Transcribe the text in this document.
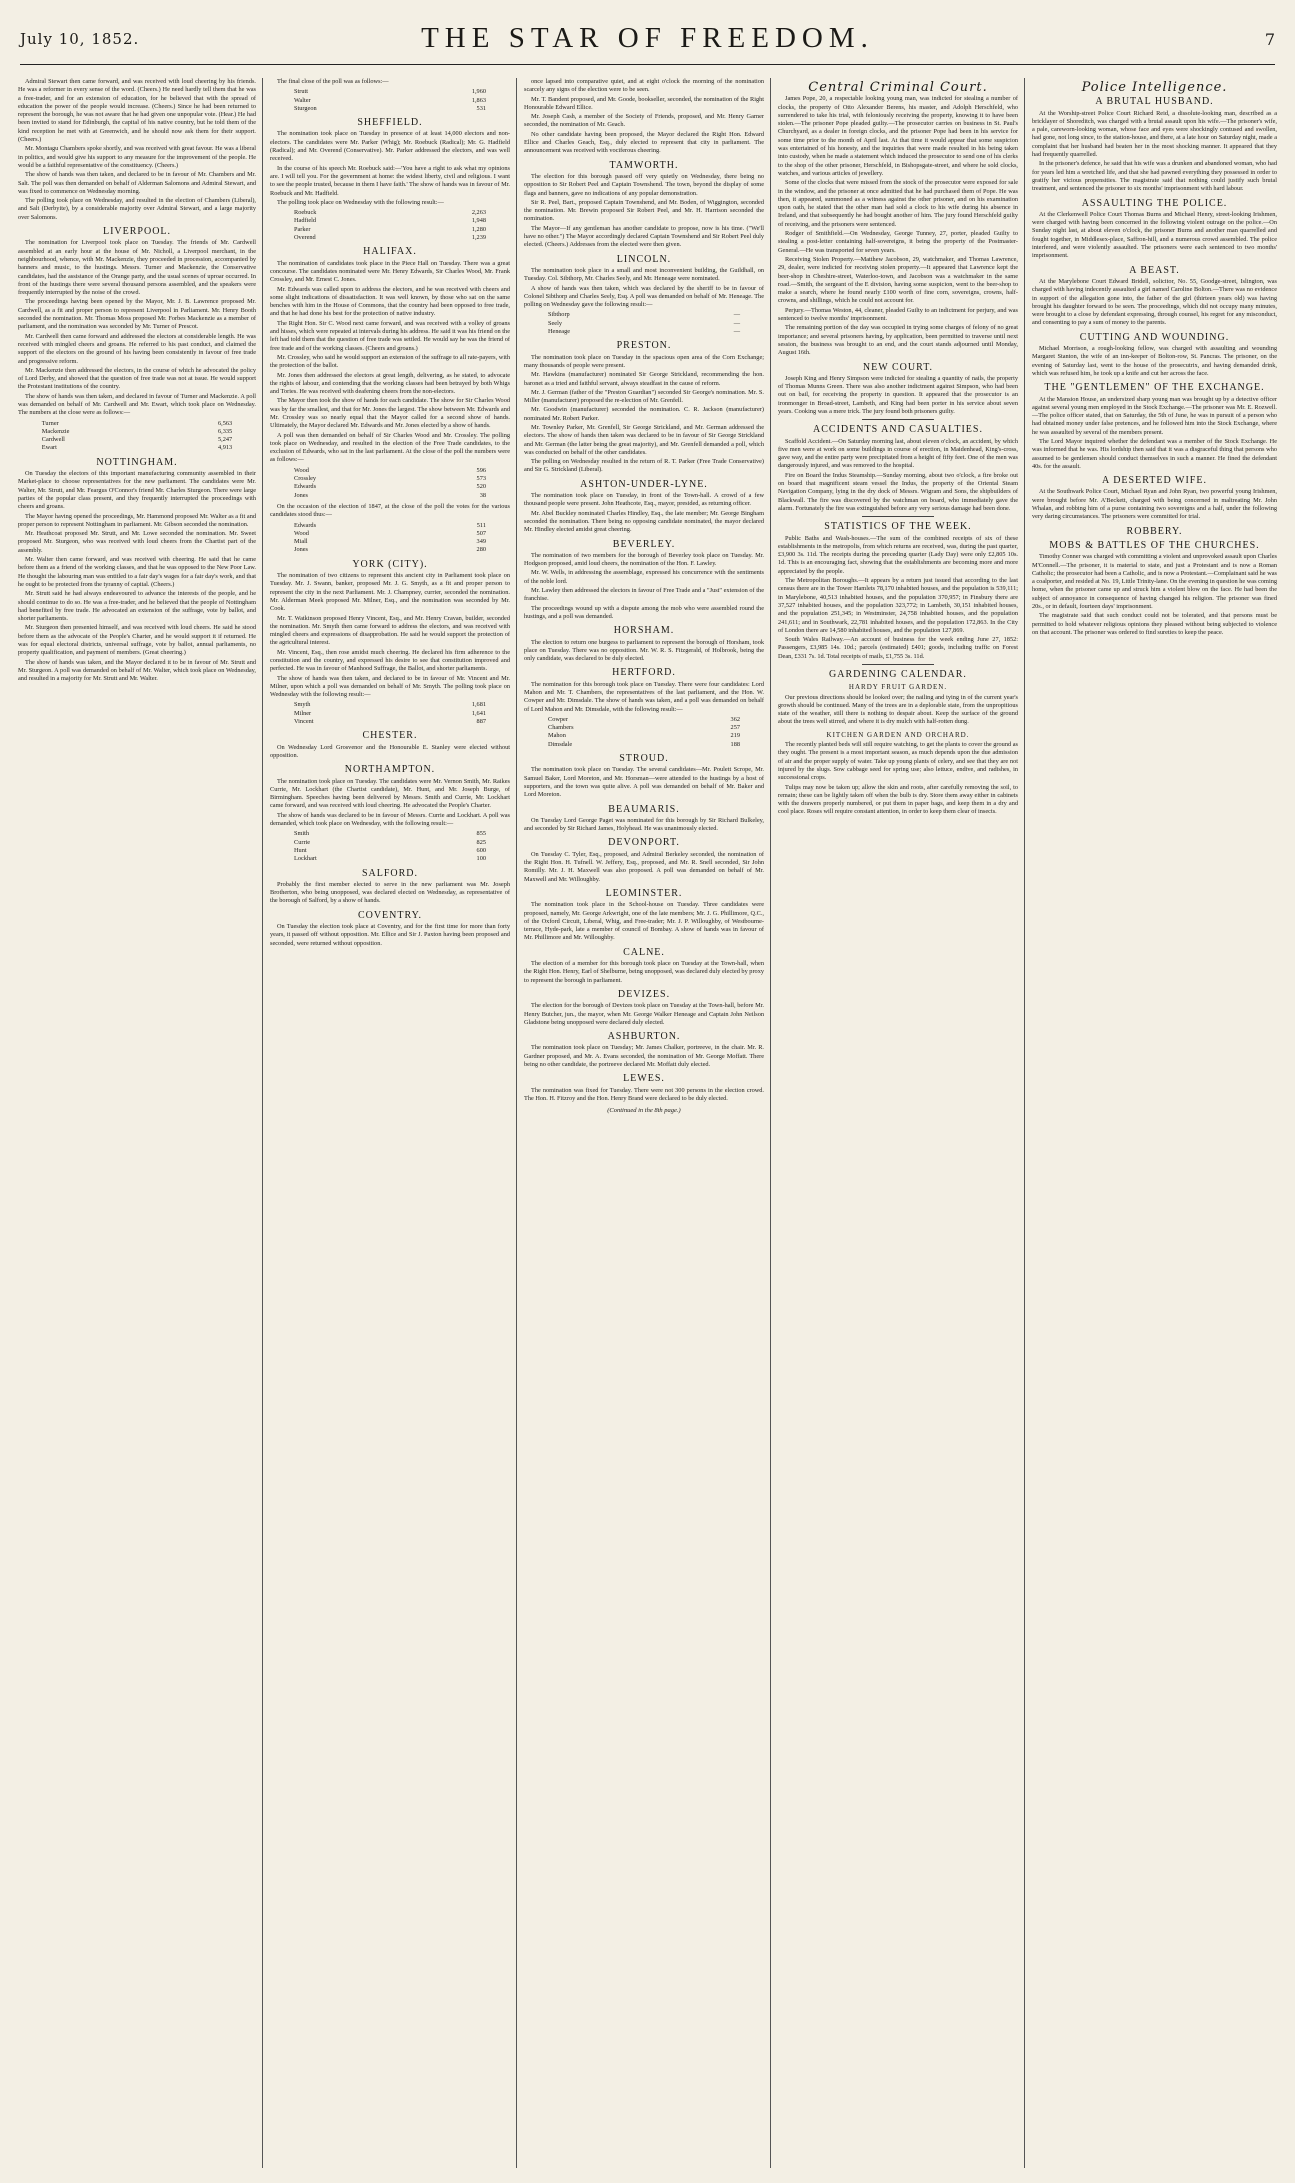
July 10, 1852.	THE STAR OF FREEDOM.	7

Admiral Stewart then came forward, and was received with loud cheering by his friends. He was a reformer in every sense of the word. (Cheers.) He need hardly tell them that he was a free-trader, and for an extension of education, for he believed that with the spread of education the power of the people would increase. (Cheers.) Since he had been returned to represent the borough, he was not aware that he had given one unpopular vote. (Hear.) He had been invited to stand for Edinburgh, the capital of his native country, but he told them of the kind reception he met with at Greenwich, and he should now ask them for their support. (Cheers.)

Mr. Montagu Chambers spoke shortly, and was received with great favour. He was a liberal in politics, and would give his support to any measure for the improvement of the people. He would be a faithful representative of the constituency. (Cheers.)

The show of hands was then taken, and declared to be in favour of Mr. Chambers and Mr. Salt. The poll was then demanded on behalf of Alderman Salomons and Admiral Stewart, and was fixed to commence on Wednesday morning.

The polling took place on Wednesday, and resulted in the election of Chambers (Liberal), and Salt (Derbyite), by a considerable majority over Admiral Stewart, and a large majority over Salomons.

LIVERPOOL.

The nomination for Liverpool took place on Tuesday. The friends of Mr. Cardwell assembled at an early hour at the house of Mr. Nicholl, a Liverpool merchant, in the neighbourhood, whence, with Mr. Mackenzie, they proceeded in procession, accompanied by banners and music, to the hustings. Messrs. Turner and Mackenzie, the Conservative candidates, had the assistance of the Orange party, and the usual scenes of uproar occurred. In front of the hustings there were several thousand persons assembled, and the speakers were frequently interrupted by the noise of the crowd.

The proceedings having been opened by the Mayor, Mr. J. B. Lawrence proposed Mr. Cardwell, as a fit and proper person to represent Liverpool in Parliament. Mr. Henry Booth seconded the nomination. Mr. Thomas Moss proposed Mr. Forbes Mackenzie as a member of parliament, and the nomination was seconded by Mr. Turner of Prescot.

Mr. Cardwell then came forward and addressed the electors at considerable length. He was received with mingled cheers and groans. He referred to his past conduct, and claimed the support of the electors on the ground of his having been consistently in favour of free trade and progressive reform.

Mr. Mackenzie then addressed the electors, in the course of which he advocated the policy of Lord Derby, and showed that the question of free trade was not at issue. He would support the Protestant institutions of the country.

The show of hands was then taken, and declared in favour of Turner and Mackenzie. A poll was demanded on behalf of Mr. Cardwell and Mr. Ewart, which took place on Wednesday. The numbers at the close were as follows:—

Turner	6,563
Mackenzie	6,335
Cardwell	5,247
Ewart	4,913
NOTTINGHAM.

On Tuesday the electors of this important manufacturing community assembled in their Market-place to choose representatives for the new parliament. The candidates were Mr. Walter, Mr. Strutt, and Mr. Feargus O'Connor's friend Mr. Charles Sturgeon. There were large parties of the popular class present, and they frequently interrupted the proceedings with cheers and groans.

The Mayor having opened the proceedings, Mr. Hammond proposed Mr. Walter as a fit and proper person to represent Nottingham in parliament. Mr. Gibson seconded the nomination.

Mr. Heathcoat proposed Mr. Strutt, and Mr. Lowe seconded the nomination. Mr. Sweet proposed Mr. Sturgeon, who was received with loud cheers from the Chartist part of the assembly.

Mr. Walter then came forward, and was received with cheering. He said that he came before them as a friend of the working classes, and that he was opposed to the New Poor Law. He thought the labouring man was entitled to a fair day's wages for a fair day's work, and that he ought to be protected from the tyranny of capital. (Cheers.)

Mr. Strutt said he had always endeavoured to advance the interests of the people, and he should continue to do so. He was a free-trader, and he believed that the people of Nottingham had benefited by free trade. He advocated an extension of the suffrage, vote by ballot, and shorter parliaments.

Mr. Sturgeon then presented himself, and was received with loud cheers. He said he stood before them as the advocate of the People's Charter, and he would support it if returned. He was for equal electoral districts, universal suffrage, vote by ballot, annual parliaments, no property qualification, and payment of members. (Great cheering.)

The show of hands was taken, and the Mayor declared it to be in favour of Mr. Strutt and Mr. Sturgeon. A poll was demanded on behalf of Mr. Walter, which took place on Wednesday, and resulted in a majority for Mr. Strutt and Mr. Walter.

The final close of the poll was as follows:—

Strutt	1,960
Walter	1,863
Sturgeon	531
SHEFFIELD.

The nomination took place on Tuesday in presence of at least 14,000 electors and non-electors. The candidates were Mr. Parker (Whig); Mr. Roebuck (Radical); Mr. G. Hadfield (Radical); and Mr. Overend (Conservative). Mr. Parker addressed the electors, and was well received.

In the course of his speech Mr. Roebuck said:—'You have a right to ask what my opinions are. I will tell you. For the government at home: the widest liberty, civil and religious. I want to see the people trusted, because in them I have faith.' The show of hands was in favour of Mr. Roebuck and Mr. Hadfield.

The polling took place on Wednesday with the following result:—

Roebuck	2,263
Hadfield	1,948
Parker	1,280
Overend	1,239
HALIFAX.

The nomination of candidates took place in the Piece Hall on Tuesday. There was a great concourse. The candidates nominated were Mr. Henry Edwards, Sir Charles Wood, Mr. Frank Crossley, and Mr. Ernest C. Jones.

Mr. Edwards was called upon to address the electors, and he was received with cheers and some slight indications of dissatisfaction. It was well known, by those who sat on the same benches with him in the House of Commons, that the country had been opposed to free trade, and that he had done his best for the protection of native industry.

The Right Hon. Sir C. Wood next came forward, and was received with a volley of groans and hisses, which were repeated at intervals during his address. He said it was his friend on the left had told them that the question of free trade was settled. He would say he was the friend of free trade and of the working classes. (Cheers and groans.)

Mr. Crossley, who said he would support an extension of the suffrage to all rate-payers, with the protection of the ballot.

Mr. Jones then addressed the electors at great length, delivering, as he stated, to advocate the rights of labour, and contending that the working classes had been betrayed by both Whigs and Tories. He was received with deafening cheers from the non-electors.

The Mayor then took the show of hands for each candidate. The show for Sir Charles Wood was by far the smallest, and that for Mr. Jones the largest. The show between Mr. Edwards and Mr. Crossley was so nearly equal that the Mayor called for a second show of hands. Ultimately, the Mayor declared Mr. Edwards and Mr. Jones elected by a show of hands.

A poll was then demanded on behalf of Sir Charles Wood and Mr. Crossley. The polling took place on Wednesday, and resulted in the election of the Free Trade candidates, to the exclusion of Edwards, who sat in the last parliament. At the close of the poll the numbers were as follows:—

Wood	596
Crossley	573
Edwards	520
Jones	38

On the occasion of the election of 1847, at the close of the poll the votes for the various candidates stood thus:—

Edwards	511
Wood	507
Miall	349
Jones	280
YORK (CITY).

The nomination of two citizens to represent this ancient city in Parliament took place on Tuesday. Mr. J. Swann, banker, proposed Mr. J. G. Smyth, as a fit and proper person to represent the city in the next Parliament. Mr. J. Champney, currier, seconded the nomination. Mr. Alderman Meek proposed Mr. Milner, Esq., and the nomination was seconded by Mr. Cook.

Mr. T. Watkinson proposed Henry Vincent, Esq., and Mr. Henry Cravan, builder, seconded the nomination. Mr. Smyth then came forward to address the electors, and was received with mingled cheers and expressions of disapprobation. He said he would support the protection of the agricultural interest.

Mr. Vincent, Esq., then rose amidst much cheering. He declared his firm adherence to the constitution and the country, and expressed his desire to see that constitution improved and perfected. He was in favour of Manhood Suffrage, the Ballot, and shorter parliaments.

The show of hands was then taken, and declared to be in favour of Mr. Vincent and Mr. Milner, upon which a poll was demanded on behalf of Mr. Smyth. The polling took place on Wednesday with the following result:—

Smyth	1,681
Milner	1,641
Vincent	887
CHESTER.

On Wednesday Lord Grosvenor and the Honourable E. Stanley were elected without opposition.

NORTHAMPTON.

The nomination took place on Tuesday. The candidates were Mr. Vernon Smith, Mr. Raikes Currie, Mr. Lockhart (the Chartist candidate), Mr. Hunt, and Mr. Joseph Burge, of Birmingham. Speeches having been delivered by Messrs. Smith and Currie, Mr. Lockhart came forward, and was received with loud cheering. He advocated the People's Charter.

The show of hands was declared to be in favour of Messrs. Currie and Lockhart. A poll was demanded, which took place on Wednesday, with the following result:—

Smith	855
Currie	825
Hunt	600
Lockhart	100
SALFORD.

Probably the first member elected to serve in the new parliament was Mr. Joseph Brotherton, who being unopposed, was declared elected on Wednesday, as representative of the borough of Salford, by a show of hands.

COVENTRY.

On Tuesday the election took place at Coventry, and for the first time for more than forty years, it passed off without opposition. Mr. Ellice and Sir J. Paxton having been proposed and seconded, were returned without opposition.

once lapsed into comparative quiet, and at eight o'clock the morning of the nomination scarcely any signs of the election were to be seen.

Mr. T. Bandent proposed, and Mr. Goode, bookseller, seconded, the nomination of the Right Honourable Edward Ellice.

Mr. Joseph Cash, a member of the Society of Friends, proposed, and Mr. Henry Garner seconded, the nomination of Mr. Geach.

No other candidate having been proposed, the Mayor declared the Right Hon. Edward Ellice and Charles Geach, Esq., duly elected to represent that city in parliament. The announcement was received with vociferous cheering.

TAMWORTH.

The election for this borough passed off very quietly on Wednesday, there being no opposition to Sir Robert Peel and Captain Townshend. The town, beyond the display of some flags and banners, gave no indications of any popular demonstration.

Sir R. Peel, Bart., proposed Captain Townshend, and Mr. Boden, of Wiggington, seconded the nomination. Mr. Brewin proposed Sir Robert Peel, and Mr. H. Harrison seconded the nomination.

The Mayor—If any gentleman has another candidate to propose, now is his time. ("We'll have no other.") The Mayor accordingly declared Captain Townshend and Sir Robert Peel duly elected. (Cheers.) Addresses from the elected were then given.

LINCOLN.

The nomination took place in a small and most inconvenient building, the Guildhall, on Tuesday. Col. Sibthorp, Mr. Charles Seely, and Mr. Heneage were nominated.

A show of hands was then taken, which was declared by the sheriff to be in favour of Colonel Sibthorp and Charles Seely, Esq. A poll was demanded on behalf of Mr. Heneage. The polling on Wednesday gave the following result:—

Sibthorp	—
Seely	—
Heneage	—
PRESTON.

The nomination took place on Tuesday in the spacious open area of the Corn Exchange; many thousands of people were present.

Mr. Hawkins (manufacturer) nominated Sir George Strickland, recommending the hon. baronet as a tried and faithful servant, always steadfast in the cause of reform.

Mr. J. German (father of the "Preston Guardian") seconded Sir George's nomination. Mr. S. Miller (manufacturer) proposed the re-election of Mr. Grenfell.

Mr. Goodwin (manufacturer) seconded the nomination. C. R. Jackson (manufacturer) nominated Mr. Robert Parker.

Mr. Townley Parker, Mr. Grenfell, Sir George Strickland, and Mr. German addressed the electors. The show of hands then taken was declared to be in favour of Sir George Strickland and Mr. German (the latter being the great majority), and Mr. Grenfell demanded a poll, which was conducted on behalf of the other candidates.

The polling on Wednesday resulted in the return of R. T. Parker (Free Trade Conservative) and Sir G. Strickland (Liberal).

ASHTON-UNDER-LYNE.

The nomination took place on Tuesday, in front of the Town-hall. A crowd of a few thousand people were present. John Heathcote, Esq., mayor, presided, as returning officer.

Mr. Abel Buckley nominated Charles Hindley, Esq., the late member; Mr. George Bingham seconded the nomination. There being no opposing candidate nominated, the mayor declared Mr. Hindley elected amidst great cheering.

BEVERLEY.

The nomination of two members for the borough of Beverley took place on Tuesday. Mr. Hodgson proposed, amid loud cheers, the nomination of the Hon. F. Lawley.

Mr. W. Wells, in addressing the assemblage, expressed his concurrence with the sentiments of the noble lord.

Mr. Lawley then addressed the electors in favour of Free Trade and a "Just" extension of the franchise.

The proceedings wound up with a dispute among the mob who were assembled round the hustings, and a poll was demanded.

HORSHAM.

The election to return one burgess to parliament to represent the borough of Horsham, took place on Tuesday. There was no opposition. Mr. W. R. S. Fitzgerald, of Holbrook, being the only candidate, was declared to be duly elected.

HERTFORD.

The nomination for this borough took place on Tuesday. There were four candidates: Lord Mahon and Mr. T. Chambers, the representatives of the last parliament, and the Hon. W. Cowper and Mr. Dimsdale. The show of hands was taken, and a poll was demanded on behalf of Lord Mahon and Mr. Dimsdale, with the following result:—

Cowper	362
Chambers	257
Mahon	219
Dimsdale	188
STROUD.

The nomination took place on Tuesday. The several candidates—Mr. Poulett Scrope, Mr. Samuel Baker, Lord Moreton, and Mr. Horsman—were attended to the hustings by a host of supporters, and the town was quite alive. A poll was demanded on behalf of Mr. Baker and Lord Moreton.

BEAUMARIS.

On Tuesday Lord George Paget was nominated for this borough by Sir Richard Bulkeley, and seconded by Sir Richard James, Holyhead. He was unanimously elected.

DEVONPORT.

On Tuesday C. Tyler, Esq., proposed, and Admiral Berkeley seconded, the nomination of the Right Hon. H. Tufnell. W. Jeffery, Esq., proposed, and Mr. R. Snell seconded, Sir John Romilly. Mr. J. H. Maxwell was also proposed. A poll was demanded on behalf of Mr. Maxwell and Mr. Willoughby.

LEOMINSTER.

The nomination took place in the School-house on Tuesday. Three candidates were proposed, namely, Mr. George Arkwright, one of the late members; Mr. J. G. Phillimore, Q.C., of the Oxford Circuit, Liberal, Whig, and Free-trader; Mr. J. P. Willoughby, of Westbourne-terrace, Hyde-park, late a member of council of Bombay. A show of hands was in favour of Mr. Phillimore and Mr. Willoughby.

CALNE.

The election of a member for this borough took place on Tuesday at the Town-hall, when the Right Hon. Henry, Earl of Shelburne, being unopposed, was declared duly elected by proxy to represent the borough in parliament.

DEVIZES.

The election for the borough of Devizes took place on Tuesday at the Town-hall, before Mr. Henry Butcher, jun., the mayor, when Mr. George Walker Heneage and Captain John Neilson Gladstone being unopposed were declared duly elected.

ASHBURTON.

The nomination took place on Tuesday; Mr. James Chalker, portreeve, in the chair. Mr. R. Gardner proposed, and Mr. A. Evans seconded, the nomination of Mr. George Moffatt. There being no other candidate, the portreeve declared Mr. Moffatt duly elected.

LEWES.

The nomination was fixed for Tuesday. There were not 300 persons in the election crowd. The Hon. H. Fitzroy and the Hon. Henry Brand were declared to be duly elected.

(Continued in the 8th page.)
Central Criminal Court.

James Pope, 20, a respectable looking young man, was indicted for stealing a number of clocks, the property of Otto Alexander Berens, his master, and Adolph Herschfeld, who surrendered to take his trial, with feloniously receiving the property, knowing it to have been stolen.—The prisoner Pope pleaded guilty.—The prosecutor carries on business in St. Paul's Churchyard, as a dealer in foreign clocks, and the prisoner Pope had been in his service for some time prior to the month of April last. At that time it would appear that some suspicion was entertained of his honesty, and the inquiries that were made resulted in his being taken into custody, when he made a statement which induced the prosecutor to send one of his clerks to the shop of the other prisoner, Herschfeld, in Bishopsgate-street, and where he sold clocks, watches, and various articles of jewellery.

Some of the clocks that were missed from the stock of the prosecutor were exposed for sale in the window, and the prisoner at once admitted that he had purchased them of Pope. He was then, it appeared, summoned as a witness against the other prisoner, and on his examination upon oath, he stated that the other man had sold a clock to his wife during his absence in Ireland, and that subsequently he had bought another of him. The jury found Herschfeld guilty of receiving, and the prisoners were sentenced.

Rodger of Smithfield.—On Wednesday, George Tunney, 27, porter, pleaded Guilty to stealing a post-letter containing half-sovereigns, it being the property of the Postmaster-General.—He was transported for seven years.

Receiving Stolen Property.—Matthew Jacobson, 29, watchmaker, and Thomas Lawrence, 29, dealer, were indicted for receiving stolen property.—It appeared that Lawrence kept the beer-shop in Cheshire-street, Waterloo-town, and Jacobson was a watchmaker in the same road.—Smith, the sergeant of the E division, having some suspicion, went to the beer-shop to make a search, where he found nearly £100 worth of fine corn, sovereigns, crowns, half-crowns, and shillings, which he could not account for.

Perjury.—Thomas Weston, 44, cleaner, pleaded Guilty to an indictment for perjury, and was sentenced to twelve months' imprisonment.

The remaining portion of the day was occupied in trying some charges of felony of no great importance; and several prisoners having, by application, been permitted to traverse until next session, the business was brought to an end, and the court stands adjourned until Monday, August 16th.

NEW COURT.

Joseph King and Henry Simpson were indicted for stealing a quantity of nails, the property of Thomas Munns Green. There was also another indictment against Simpson, who had been out on bail, for receiving the property in question. It appeared that the prosecutor is an ironmonger in Broad-street, Lambeth, and King had been porter in his service about seven years. Cooking was a mere trick. The jury found both prisoners guilty.

ACCIDENTS AND CASUALTIES.

Scaffold Accident.—On Saturday morning last, about eleven o'clock, an accident, by which five men were at work on some buildings in course of erection, in Maidenhead, King's-cross, gave way, and the entire party were precipitated from a height of fifty feet. One of the men was dangerously injured, and was removed to the hospital.

Fire on Board the Indus Steamship.—Sunday morning, about two o'clock, a fire broke out on board that magnificent steam vessel the Indus, the property of the Oriental Steam Navigation Company, lying in the dry dock of Messrs. Wigram and Sons, the shipbuilders of Blackwall. The fire was discovered by the watchman on board, who immediately gave the alarm. Fortunately the fire was extinguished before any very serious damage had been done.

STATISTICS OF THE WEEK.

Public Baths and Wash-houses.—The sum of the combined receipts of six of these establishments in the metropolis, from which returns are received, was, during the past quarter, £3,900 3s. 11d. The receipts during the preceding quarter (Lady Day) were only £2,805 10s. 1d. This is an encouraging fact, showing that the establishments are becoming more and more appreciated by the people.

The Metropolitan Boroughs.—It appears by a return just issued that according to the last census there are in the Tower Hamlets 78,170 inhabited houses, and the population is 539,111; in Marylebone, 40,513 inhabited houses, and the population 370,957; in Finsbury there are 37,527 inhabited houses, and the population 323,772; in Lambeth, 30,151 inhabited houses, and the population 251,345; in Westminster, 24,758 inhabited houses, and the population 241,611; and in Southwark, 22,781 inhabited houses, and the population 172,863. In the City of London there are 14,580 inhabited houses, and the population 127,869.

South Wales Railway.—An account of business for the week ending June 27, 1852: Passengers, £3,985 14s. 10d.; parcels (estimated) £401; goods, including traffic on Forest Dean, £331 7s. 1d. Total receipts of mails, £1,755 3s. 11d.

GARDENING CALENDAR.
HARDY FRUIT GARDEN.

Our previous directions should be looked over; the nailing and tying in of the current year's growth should be continued. Many of the trees are in a deplorable state, from the unpropitious state of the weather, still there is nothing to despair about. Keep the surface of the ground about the trees well stirred, and where it is dry mulch with half-rotten dung.

KITCHEN GARDEN AND ORCHARD.

The recently planted beds will still require watching, to get the plants to cover the ground as they ought. The present is a most important season, as much depends upon the due admission of air and the proper supply of water. Take up young plants of celery, and see that they are not injured by the slugs. Sow cabbage seed for spring use; also lettuce, endive, and radishes, in successional crops.

Tulips may now be taken up; allow the skin and roots, after carefully removing the soil, to remain; these can be lightly taken off when the bulb is dry. Store them away either in cabinets with the drawers properly numbered, or put them in paper bags, and keep them in a dry and cool place. Roses will require constant attention, in order to keep them clear of insects.

Police Intelligence.
A BRUTAL HUSBAND.

At the Worship-street Police Court Richard Reid, a dissolute-looking man, described as a bricklayer of Shoreditch, was charged with a brutal assault upon his wife.—The prisoner's wife, a pale, careworn-looking woman, whose face and eyes were shockingly contused and swollen, had gone, not long since, to the station-house, and there, at a late hour on Saturday night, made a complaint that her husband had beaten her in the most shocking manner. It appeared that they had frequently quarrelled.

In the prisoner's defence, he said that his wife was a drunken and abandoned woman, who had for years led him a wretched life, and that she had pawned everything they possessed in order to gratify her vicious propensities. The magistrate said that nothing could justify such brutal treatment, and sentenced the prisoner to six months' imprisonment with hard labour.

ASSAULTING THE POLICE.

At the Clerkenwell Police Court Thomas Burns and Michael Henry, street-looking Irishmen, were charged with having been concerned in the following violent outrage on the police.—On Sunday night last, at about eleven o'clock, the prisoner Burns and another man quarrelled and fought together, in Middlesex-place, Saffron-hill, and a numerous crowd assembled. The police interfered, and were violently assaulted. The prisoners were each sentenced to two months' imprisonment.

A BEAST.

At the Marylebone Court Edward Bridell, solicitor, No. 55, Goodge-street, Islington, was charged with having indecently assaulted a girl named Caroline Bolton.—There was no evidence in support of the allegation gone into, the father of the girl (thirteen years old) was having brought his daughter forward to be seen. The proceedings, which did not occupy many minutes, were brought to a close by defendant expressing, through counsel, his regret for any misconduct, and consenting to pay a sum of money to the parents.

CUTTING AND WOUNDING.

Michael Morrison, a rough-looking fellow, was charged with assaulting and wounding Margaret Stanton, the wife of an inn-keeper of Bolton-row, St. Pancras. The prisoner, on the evening of Saturday last, went to the house of the prosecutrix, and having demanded drink, which was refused him, he took up a knife and cut her across the face.

THE "GENTLEMEN" OF THE EXCHANGE.

At the Mansion House, an undersized sharp young man was brought up by a detective officer against several young men employed in the Stock Exchange.—The prisoner was Mr. E. Rozwell.—The police officer stated, that on Saturday, the 5th of June, he was in pursuit of a person who had obtained money under false pretences, and he followed him into the Stock Exchange, where he was assaulted by several of the members present.

The Lord Mayor inquired whether the defendant was a member of the Stock Exchange. He was informed that he was. His lordship then said that it was a disgraceful thing that persons who assumed to be gentlemen should conduct themselves in such a manner. He fined the defendant 40s. for the assault.

A DESERTED WIFE.

At the Southwark Police Court, Michael Ryan and John Ryan, two powerful young Irishmen, were brought before Mr. A'Beckett, charged with being concerned in maltreating Mr. John Whalan, and robbing him of a purse containing two sovereigns and a half, under the following very daring circumstances. The prisoners were committed for trial.

ROBBERY.
MOBS & BATTLES OF THE CHURCHES.

Timothy Conner was charged with committing a violent and unprovoked assault upon Charles M'Connell.—The prisoner, it is material to state, and just a Protestant and is now a Roman Catholic; the prosecutor had been a Catholic, and is now a Protestant.—Complainant said he was a coalporter, and resided at No. 19, Little Trinity-lane. On the evening in question he was coming home, when the prisoner came up and struck him a violent blow on the face. He had been the subject of annoyance in consequence of having changed his religion. The prisoner was fined 20s., or in default, fourteen days' imprisonment.

The magistrate said that such conduct could not be tolerated, and that persons must be permitted to hold whatever religious opinions they pleased without being subjected to violence on that account. The prisoner was ordered to find sureties to keep the peace.
